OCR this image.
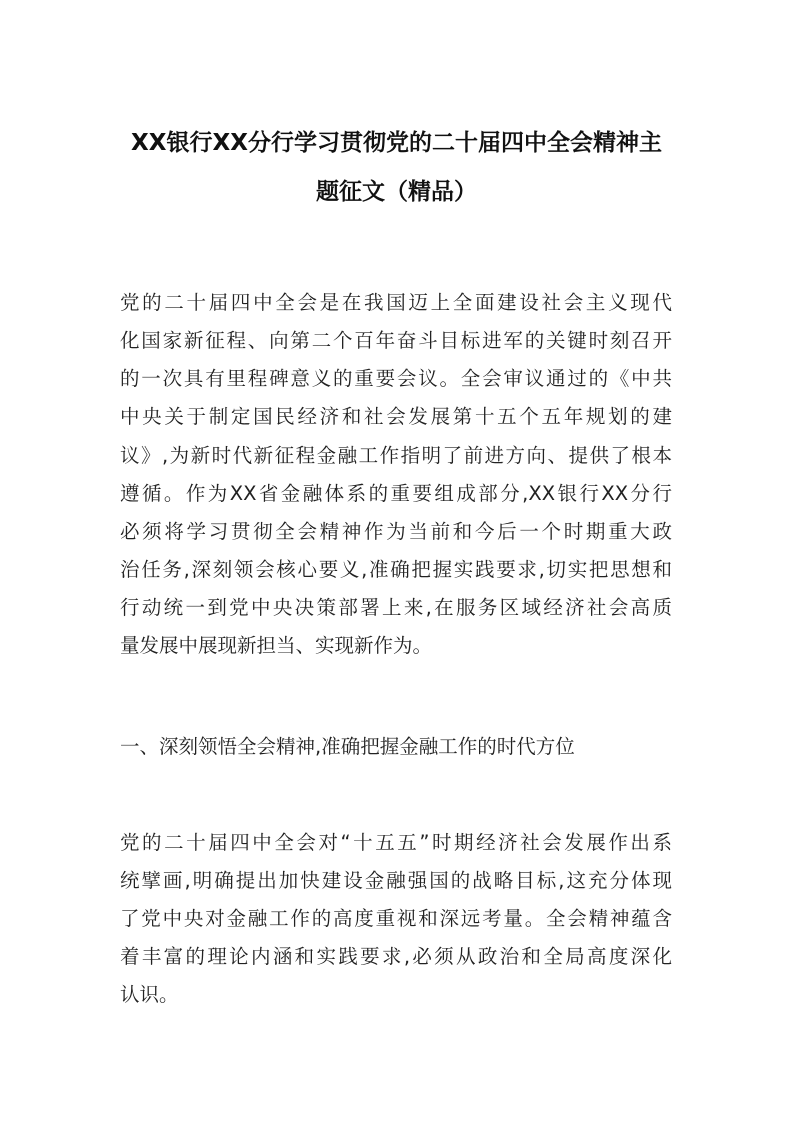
XX银行XX分行学习贯彻党的二十届四中全会精神主
题征文（精品）
党的二十届四中全会是在我国迈上全面建设社会主义现代
化国家新征程、向第二个百年奋斗目标进军的关键时刻召开
的一次具有里程碑意义的重要会议。全会审议通过的《中共
中央关于制定国民经济和社会发展第十五个五年规划的建
议》,为新时代新征程金融工作指明了前进方向、提供了根本
遵循。作为XX省金融体系的重要组成部分,XX银行XX分行
必须将学习贯彻全会精神作为当前和今后一个时期重大政
治任务,深刻领会核心要义,准确把握实践要求,切实把思想和
行动统一到党中央决策部署上来,在服务区域经济社会高质
量发展中展现新担当、实现新作为。
一、深刻领悟全会精神,准确把握金融工作的时代方位
党的二十届四中全会对“十五五”时期经济社会发展作出系
统擘画,明确提出加快建设金融强国的战略目标,这充分体现
了党中央对金融工作的高度重视和深远考量。全会精神蕴含
着丰富的理论内涵和实践要求,必须从政治和全局高度深化
认识。
